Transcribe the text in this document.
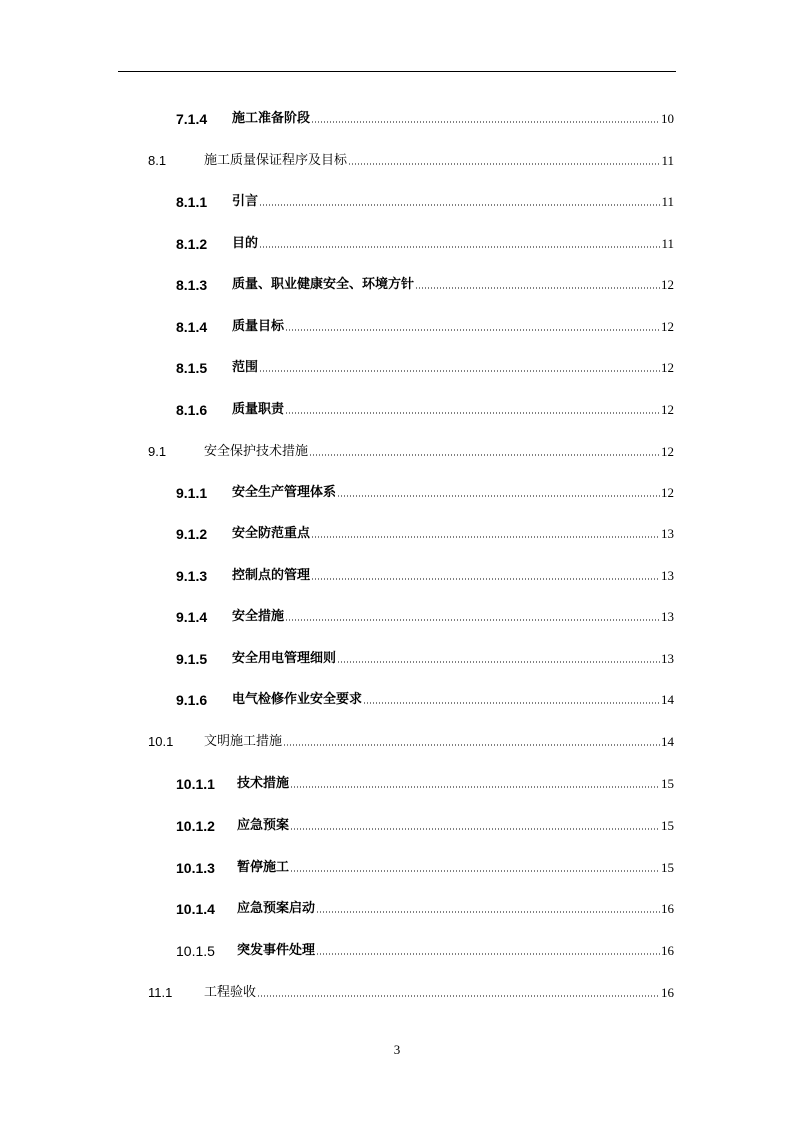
7.1.4	施工准备阶段	10
8.1	施工质量保证程序及目标	11
8.1.1	引言	11
8.1.2	目的	11
8.1.3	质量、职业健康安全、环境方针	12
8.1.4	质量目标	12
8.1.5	范围	12
8.1.6	质量职责	12
9.1	安全保护技术措施	12
9.1.1	安全生产管理体系	12
9.1.2	安全防范重点	13
9.1.3	控制点的管理	13
9.1.4	安全措施	13
9.1.5	安全用电管理细则	13
9.1.6	电气检修作业安全要求	14
10.1	文明施工措施	14
10.1.1	技术措施	15
10.1.2	应急预案	15
10.1.3	暂停施工	15
10.1.4	应急预案启动	16
10.1.5	突发事件处理	16
11.1	工程验收	16
3
